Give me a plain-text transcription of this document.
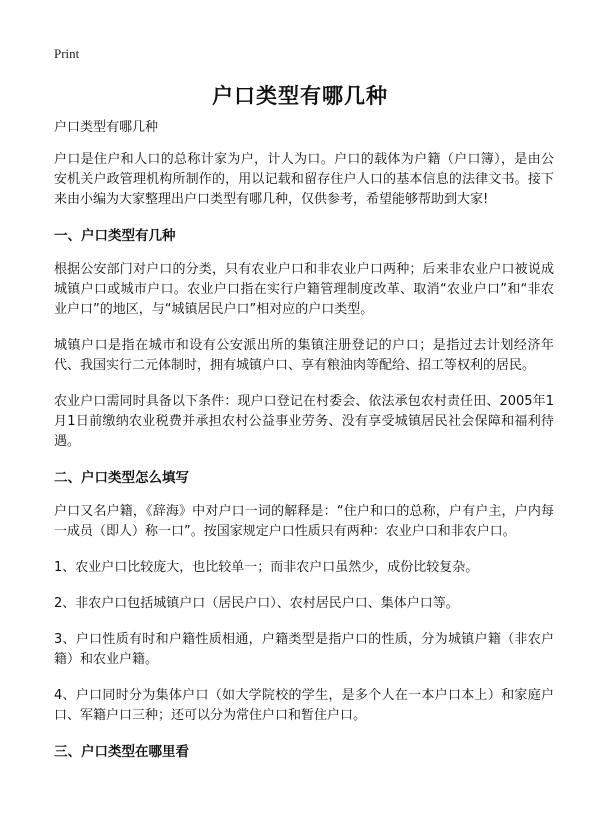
Print
户口类型有哪几种

户口类型有哪几种

户口是住户和人口的总称计家为户，计人为口。户口的载体为户籍（户口簿），是由公安机关户政管理机构所制作的，用以记载和留存住户人口的基本信息的法律文书。接下来由小编为大家整理出户口类型有哪几种，仅供参考，希望能够帮助到大家!

一、户口类型有几种

根据公安部门对户口的分类，只有农业户口和非农业户口两种；后来非农业户口被说成城镇户口或城市户口。农业户口指在实行户籍管理制度改革、取消“农业户口”和“非农业户口”的地区，与“城镇居民户口”相对应的户口类型。

城镇户口是指在城市和设有公安派出所的集镇注册登记的户口；是指过去计划经济年代、我国实行二元体制时，拥有城镇户口、享有粮油肉等配给、招工等权利的居民。

农业户口需同时具备以下条件：现户口登记在村委会、依法承包农村责任田、2005年1月1日前缴纳农业税费并承担农村公益事业劳务、没有享受城镇居民社会保障和福利待遇。

二、户口类型怎么填写

户口又名户籍，《辞海》中对户口一词的解释是：“住户和口的总称，户有户主，户内每一成员（即人）称一口”。按国家规定户口性质只有两种：农业户口和非农户口。

1、农业户口比较庞大，也比较单一；而非农户口虽然少，成份比较复杂。

2、非农户口包括城镇户口（居民户口）、农村居民户口、集体户口等。

3、户口性质有时和户籍性质相通，户籍类型是指户口的性质，分为城镇户籍（非农户籍）和农业户籍。

4、户口同时分为集体户口（如大学院校的学生，是多个人在一本户口本上）和家庭户口、军籍户口三种；还可以分为常住户口和暂住户口。

三、户口类型在哪里看
